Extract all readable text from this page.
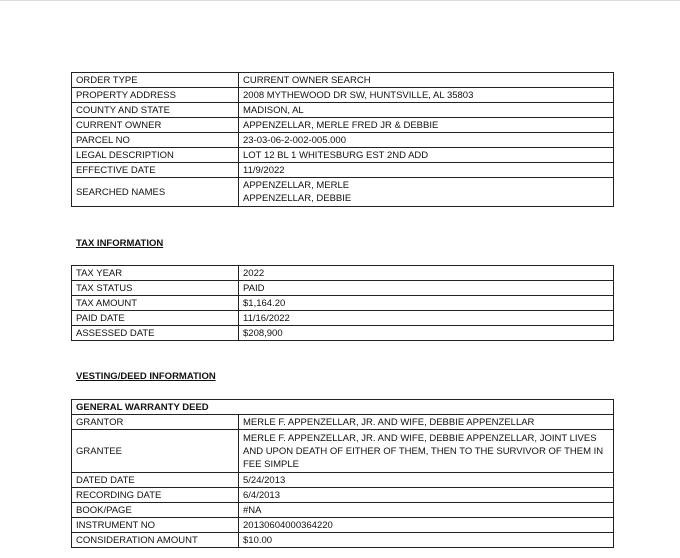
ORDER TYPE	CURRENT OWNER SEARCH
PROPERTY ADDRESS	2008 MYTHEWOOD DR SW, HUNTSVILLE, AL 35803
COUNTY AND STATE	MADISON, AL
CURRENT OWNER	APPENZELLAR, MERLE FRED JR & DEBBIE
PARCEL NO	23-03-06-2-002-005.000
LEGAL DESCRIPTION	LOT 12 BL 1 WHITESBURG EST 2ND ADD
EFFECTIVE DATE	11/9/2022
SEARCHED NAMES	APPENZELLAR, MERLE
APPENZELLAR, DEBBIE
TAX INFORMATION
TAX YEAR	2022
TAX STATUS	PAID
TAX AMOUNT	$1,164.20
PAID DATE	11/16/2022
ASSESSED DATE	$208,900
VESTING/DEED INFORMATION
GENERAL WARRANTY DEED	
GRANTOR	MERLE F. APPENZELLAR, JR. AND WIFE, DEBBIE APPENZELLAR
GRANTEE	MERLE F. APPENZELLAR, JR. AND WIFE, DEBBIE APPENZELLAR, JOINT LIVES AND UPON DEATH OF EITHER OF THEM, THEN TO THE SURVIVOR OF THEM IN FEE SIMPLE
DATED DATE	5/24/2013
RECORDING DATE	6/4/2013
BOOK/PAGE	#NA
INSTRUMENT NO	20130604000364220
CONSIDERATION AMOUNT	$10.00
